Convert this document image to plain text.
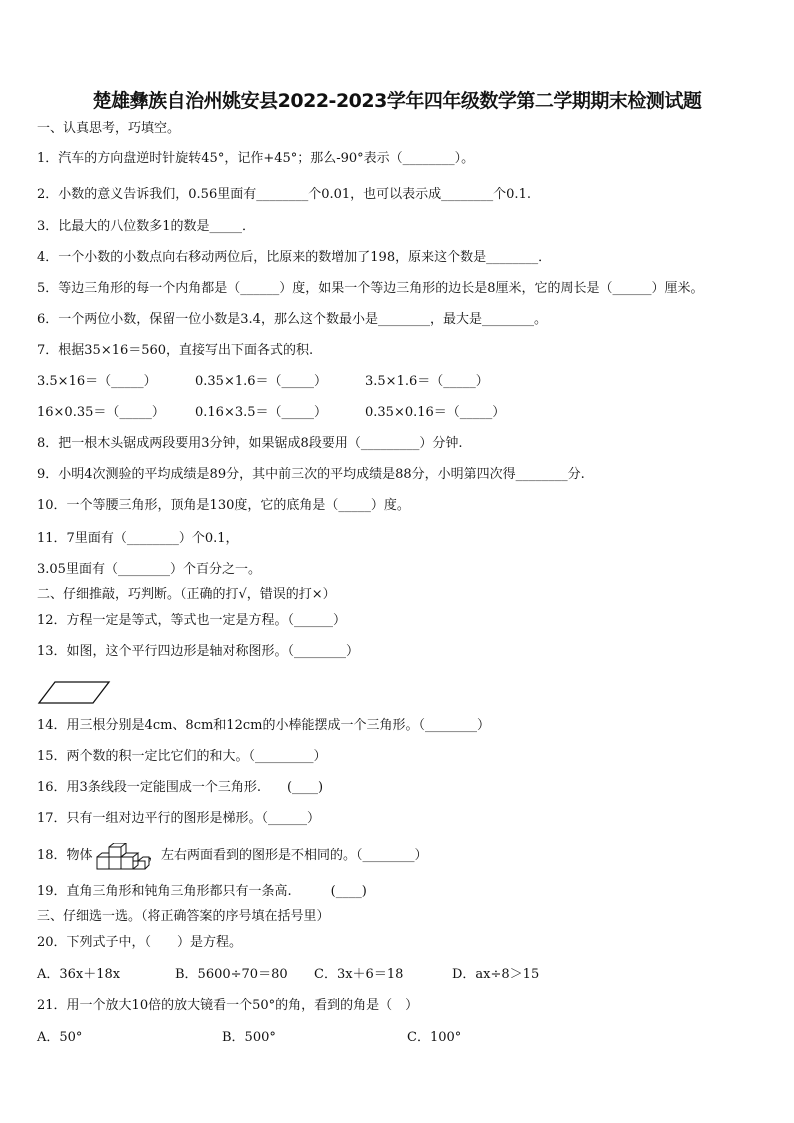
楚雄彝族自治州姚安县2022-2023学年四年级数学第二学期期末检测试题
一、认真思考，巧填空。
1．汽车的方向盘逆时针旋转45°，记作+45°；那么-90°表示（________）。
2．小数的意义告诉我们，0.56里面有________个0.01，也可以表示成________个0.1.
3．比最大的八位数多1的数是_____．
4．一个小数的小数点向右移动两位后，比原来的数增加了198，原来这个数是________．
5．等边三角形的每一个内角都是（______）度，如果一个等边三角形的边长是8厘米，它的周长是（______）厘米。
6．一个两位小数，保留一位小数是3.4，那么这个数最小是________，最大是________。
7．根据35×16＝560，直接写出下面各式的积.
3.5×16＝（_____）	0.35×1.6＝（_____）	3.5×1.6＝（_____）
16×0.35＝（_____） 0.16×3.5＝（_____）	0.35×0.16＝（_____）
8．把一根木头锯成两段要用3分钟，如果锯成8段要用（_________）分钟.
9．小明4次测验的平均成绩是89分，其中前三次的平均成绩是88分，小明第四次得________分.
10．一个等腰三角形，顶角是130度，它的底角是（_____）度。
11．7里面有（________）个0.1，
3.05里面有（________）个百分之一。
二、仔细推敲，巧判断。（正确的打√，错误的打×）
12．方程一定是等式，等式也一定是方程。（______）
13．如图，这个平行四边形是轴对称图形。（________）
14．用三根分别是4cm、8cm和12cm的小棒能摆成一个三角形。（________）
15．两个数的积一定比它们的和大。（_________）
16．用3条线段一定能围成一个三角形.　　(____)
17．只有一组对边平行的图形是梯形。（______）
18．物体	，左右两面看到的图形是不相同的。（________）
19．直角三角形和钝角三角形都只有一条高.　　　(____)
三、仔细选一选。（将正确答案的序号填在括号里）
20．下列式子中，（　　）是方程。
A．36x＋18x	B．5600÷70＝80 C．3x＋6＝18	D．ax÷8＞15
21．用一个放大10倍的放大镜看一个50°的角，看到的角是（　）
A．50°	B．500°	C．100°
